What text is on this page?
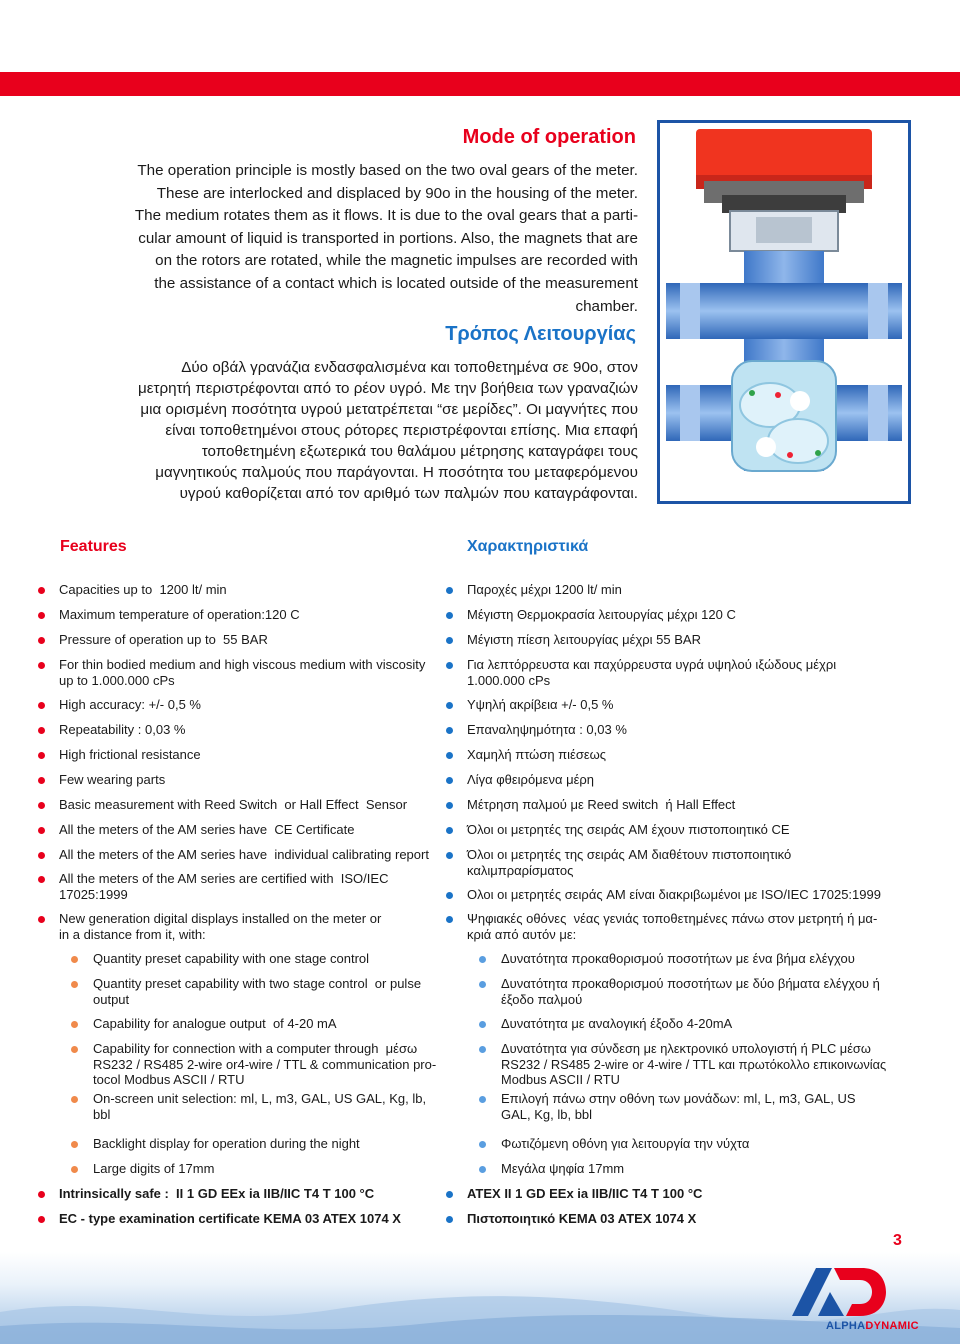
Mode of operation
The operation principle is mostly based on the two oval gears of the meter.
These are interlocked and displaced by 90o in the housing of the meter.
The medium rotates them as it flows. It is due to the oval gears that a parti-
cular amount of liquid is transported in portions. Also, the magnets that are
on the rotors are rotated, while the magnetic impulses are recorded with
the assistance of a contact which is located outside of the measurement
chamber.
Τρόπος Λειτουργίας
Δύο οβάλ γρανάζια ενδασφαλισμένα και τοποθετημένα σε 90ο, στον
μετρητή περιστρέφονται από το ρέον υγρό. Με την βοήθεια των γραναζιών
μια ορισμένη ποσότητα υγρού μετατρέπεται “σε μερίδες”. Οι μαγνήτες που
είναι τοποθετημένοι στους ρότορες περιστρέφονται επίσης. Μια επαφή
τοποθετημένη εξωτερικά του θαλάμου μέτρησης καταγράφει τους
μαγνητικούς παλμούς που παράγονται. Η ποσότητα του μεταφερόμενου
υγρού καθορίζεται από τον αριθμό των παλμών που καταγράφονται.
Features	Χαρακτηριστικά
Capacities up to  1200 lt/ min
Maximum temperature of operation:120 C
Pressure of operation up to  55 BAR
For thin bodied medium and high viscous medium with viscosity
up to 1.000.000 cPs
High accuracy: +/- 0,5 %
Repeatability : 0,03 %
High frictional resistance
Few wearing parts
Basic measurement with Reed Switch  or Hall Effect  Sensor
All the meters of the AM series have  CE Certificate
All the meters of the AM series have  individual calibrating report
All the meters of the AM series are certified with  ISO/IEC
17025:1999
New generation digital displays installed on the meter or
in a distance from it, with:
Quantity preset capability with one stage control
Quantity preset capability with two stage control  or pulse
output
Capability for analogue output  of 4-20 mA
Capability for connection with a computer through  μέσω
RS232 / RS485 2-wire or4-wire / TTL & communication pro-
tocol Modbus ASCII / RTU
On-screen unit selection: ml, L, m3, GAL, US GAL, Kg, lb,
bbl
Backlight display for operation during the night
Large digits of 17mm
Intrinsically safe :  II 1 GD EEx ia IIB/IIC T4 T 100 °C
EC - type examination certificate KEMA 03 ATEX 1074 X
Παροχές μέχρι 1200 lt/ min
Μέγιστη Θερμοκρασία λειτουργίας μέχρι 120 C
Μέγιστη πίεση λειτουργίας μέχρι 55 BAR
Για λεπτόρρευστα και παχύρρευστα υγρά υψηλού ιξώδους μέχρι
1.000.000 cPs
Υψηλή ακρίβεια +/- 0,5 %
Επαναληψημότητα : 0,03 %
Χαμηλή πτώση πιέσεως
Λίγα φθειρόμενα μέρη
Μέτρηση παλμού με Reed switch  ή Hall Effect
Όλοι οι μετρητές της σειράς AM έχουν πιστοποιητικό CE
Όλοι οι μετρητές της σειράς AM διαθέτουν πιστοποιητικό
καλιμπραρίσματος
Ολοι οι μετρητές σειράς AM είναι διακριβωμένοι με ISO/IEC 17025:1999
Ψηφιακές οθόνες  νέας γενιάς τοποθετημένες πάνω στον μετρητή ή μα-
κριά από αυτόν με:
Δυνατότητα προκαθορισμού ποσοτήτων με ένα βήμα ελέγχου
Δυνατότητα προκαθορισμού ποσοτήτων με δύο βήματα ελέγχου ή
έξοδο παλμού
Δυνατότητα με αναλογική έξοδο 4-20mA
Δυνατότητα για σύνδεση με ηλεκτρονικό υπολογιστή ή PLC μέσω
RS232 / RS485 2-wire or 4-wire / TTL και πρωτόκολλο επικοινωνίας
Modbus ASCII / RTU
Επιλογή πάνω στην οθόνη των μονάδων: ml, L, m3, GAL, US
GAL, Kg, lb, bbl
Φωτιζόμενη οθόνη για λειτουργία την νύχτα
Μεγάλα ψηφία 17mm
ATEX II 1 GD EEx ia IIB/IIC T4 T 100 °C
Πιστοποιητικό KEMA 03 ATEX 1074 X
3
ALPHADYNAMIC
